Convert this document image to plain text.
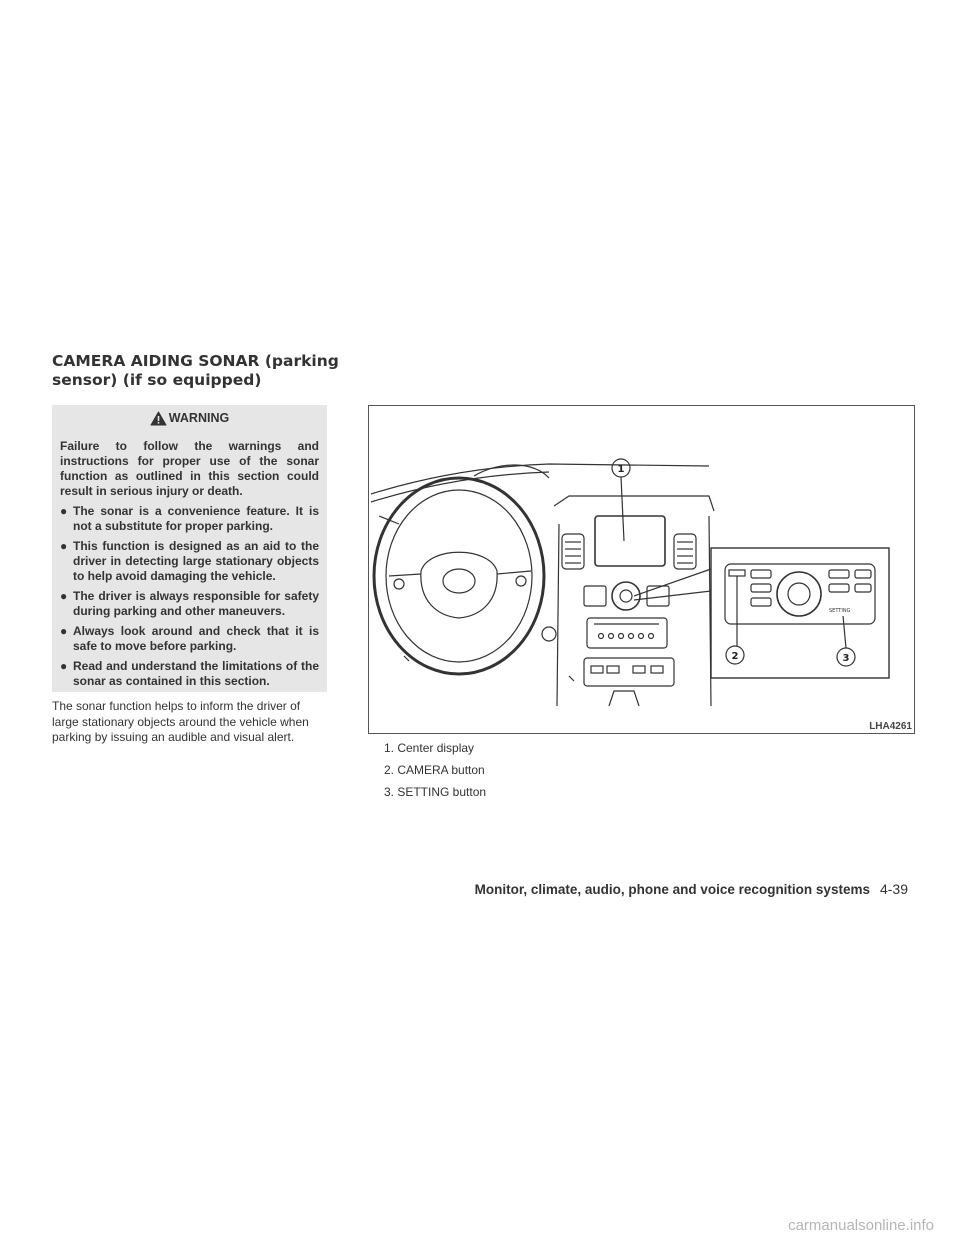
CAMERA AIDING SONAR (parking
sensor) (if so equipped)
WARNING

Failure to follow the warnings and instructions for proper use of the sonar function as outlined in this section could result in serious injury or death.

● The sonar is a convenience feature. It is not a substitute for proper parking.
● This function is designed as an aid to the driver in detecting large stationary objects to help avoid damaging the vehicle.
● The driver is always responsible for safety during parking and other maneuvers.
● Always look around and check that it is safe to move before parking.
● Read and understand the limitations of the sonar as contained in this section.

The sonar function helps to inform the driver of large stationary objects around the vehicle when parking by issuing an audible and visual alert.

SETTING
1
2	3
LHA4261

1. Center display

2. CAMERA button

3. SETTING button

Monitor, climate, audio, phone and voice recognition systems 4-39
carmanualsonline.info
